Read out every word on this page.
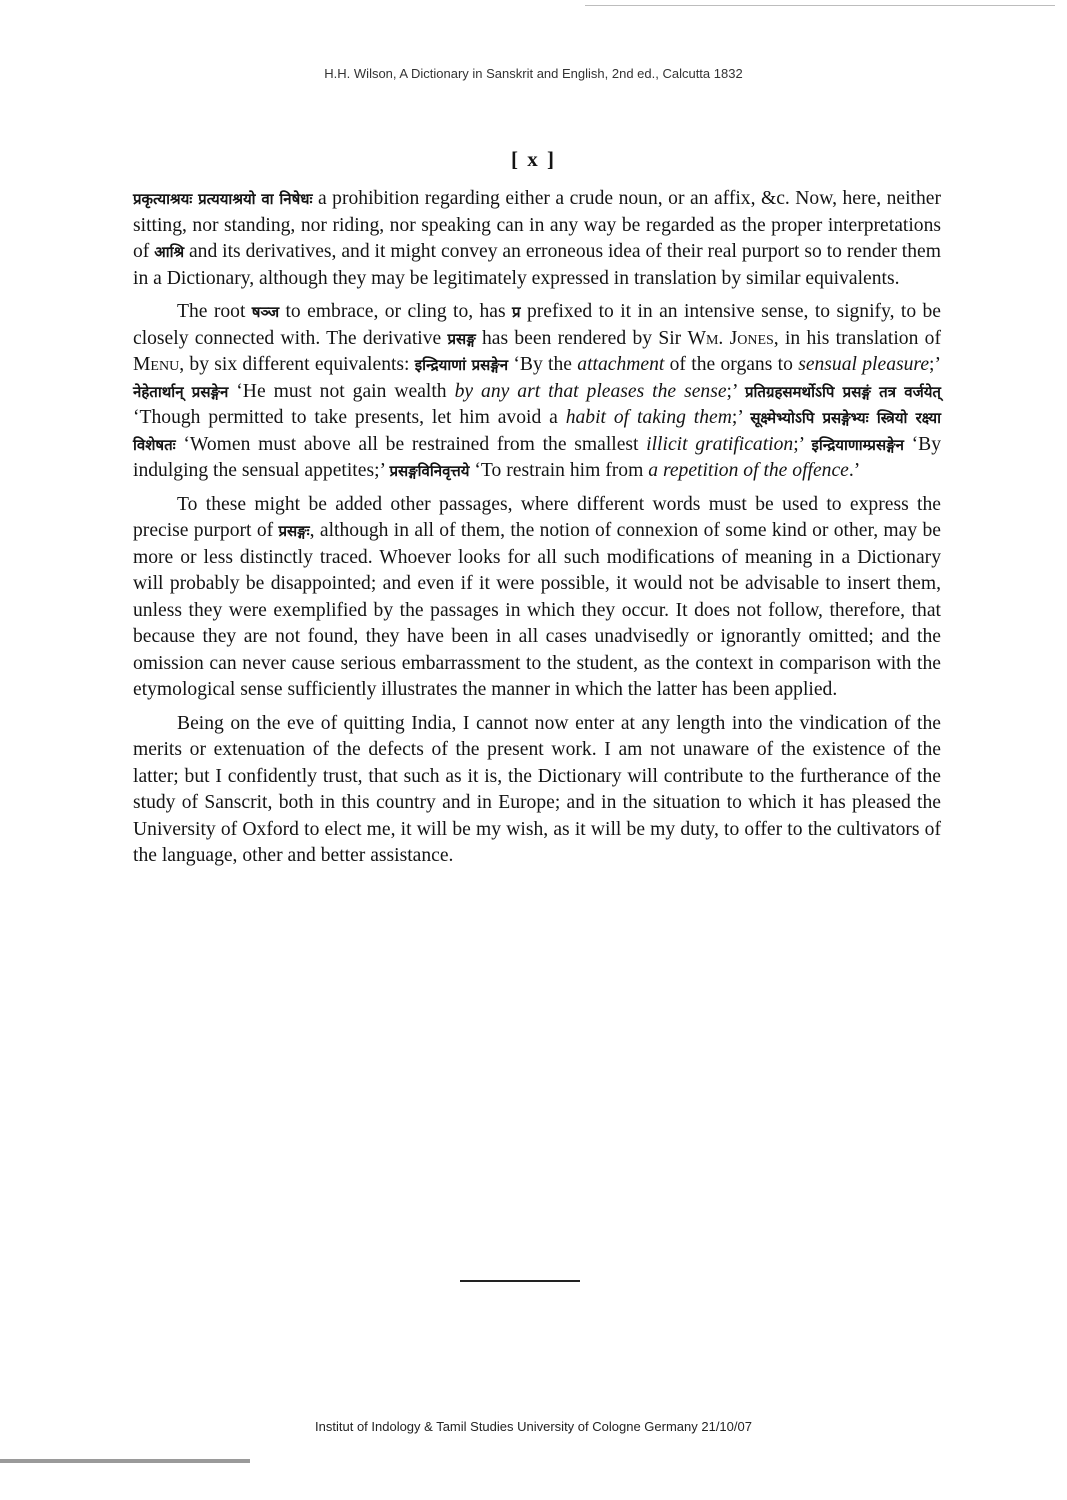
H.H. Wilson, A Dictionary in Sanskrit and English, 2nd ed., Calcutta 1832
[ x ]

प्रकृत्याश्रयः प्रत्ययाश्रयो वा निषेधः a prohibition regarding either a crude noun, or an affix, &c. Now, here, neither sitting, nor standing, nor riding, nor speaking can in any way be regarded as the proper interpretations of आश्रि and its derivatives, and it might convey an erroneous idea of their real purport so to render them in a Dictionary, although they may be legitimately expressed in translation by similar equivalents.

The root षञ्ज to embrace, or cling to, has प्र prefixed to it in an intensive sense, to signify, to be closely connected with. The derivative प्रसङ्ग has been rendered by Sir Wm. Jones, in his translation of Menu, by six different equivalents: इन्द्रियाणां प्रसङ्गेन ‘By the attachment of the organs to sensual pleasure;’ नेहेतार्थान् प्रसङ्गेन ‘He must not gain wealth by any art that pleases the sense;’ प्रतिग्रहसमर्थोऽपि प्रसङ्गं तत्र वर्जयेत् ‘Though permitted to take presents, let him avoid a habit of taking them;’ सूक्ष्मेभ्योऽपि प्रसङ्गेभ्यः स्त्रियो रक्ष्या विशेषतः ‘Women must above all be restrained from the smallest illicit gratification;’ इन्द्रियाणाम्प्रसङ्गेन ‘By indulging the sensual appetites;’ प्रसङ्गविनिवृत्तये ‘To restrain him from a repetition of the offence.’

To these might be added other passages, where different words must be used to express the precise purport of प्रसङ्गः, although in all of them, the notion of connexion of some kind or other, may be more or less distinctly traced. Whoever looks for all such modifications of meaning in a Dictionary will probably be disappointed; and even if it were possible, it would not be advisable to insert them, unless they were exemplified by the passages in which they occur. It does not follow, therefore, that because they are not found, they have been in all cases unadvisedly or ignorantly omitted; and the omission can never cause serious embarrassment to the student, as the context in comparison with the etymological sense sufficiently illustrates the manner in which the latter has been applied.

Being on the eve of quitting India, I cannot now enter at any length into the vindication of the merits or extenuation of the defects of the present work. I am not unaware of the existence of the latter; but I confidently trust, that such as it is, the Dictionary will contribute to the furtherance of the study of Sanscrit, both in this country and in Europe; and in the situation to which it has pleased the University of Oxford to elect me, it will be my wish, as it will be my duty, to offer to the cultivators of the language, other and better assistance.

Institut of Indology & Tamil Studies University of Cologne Germany 21/10/07
